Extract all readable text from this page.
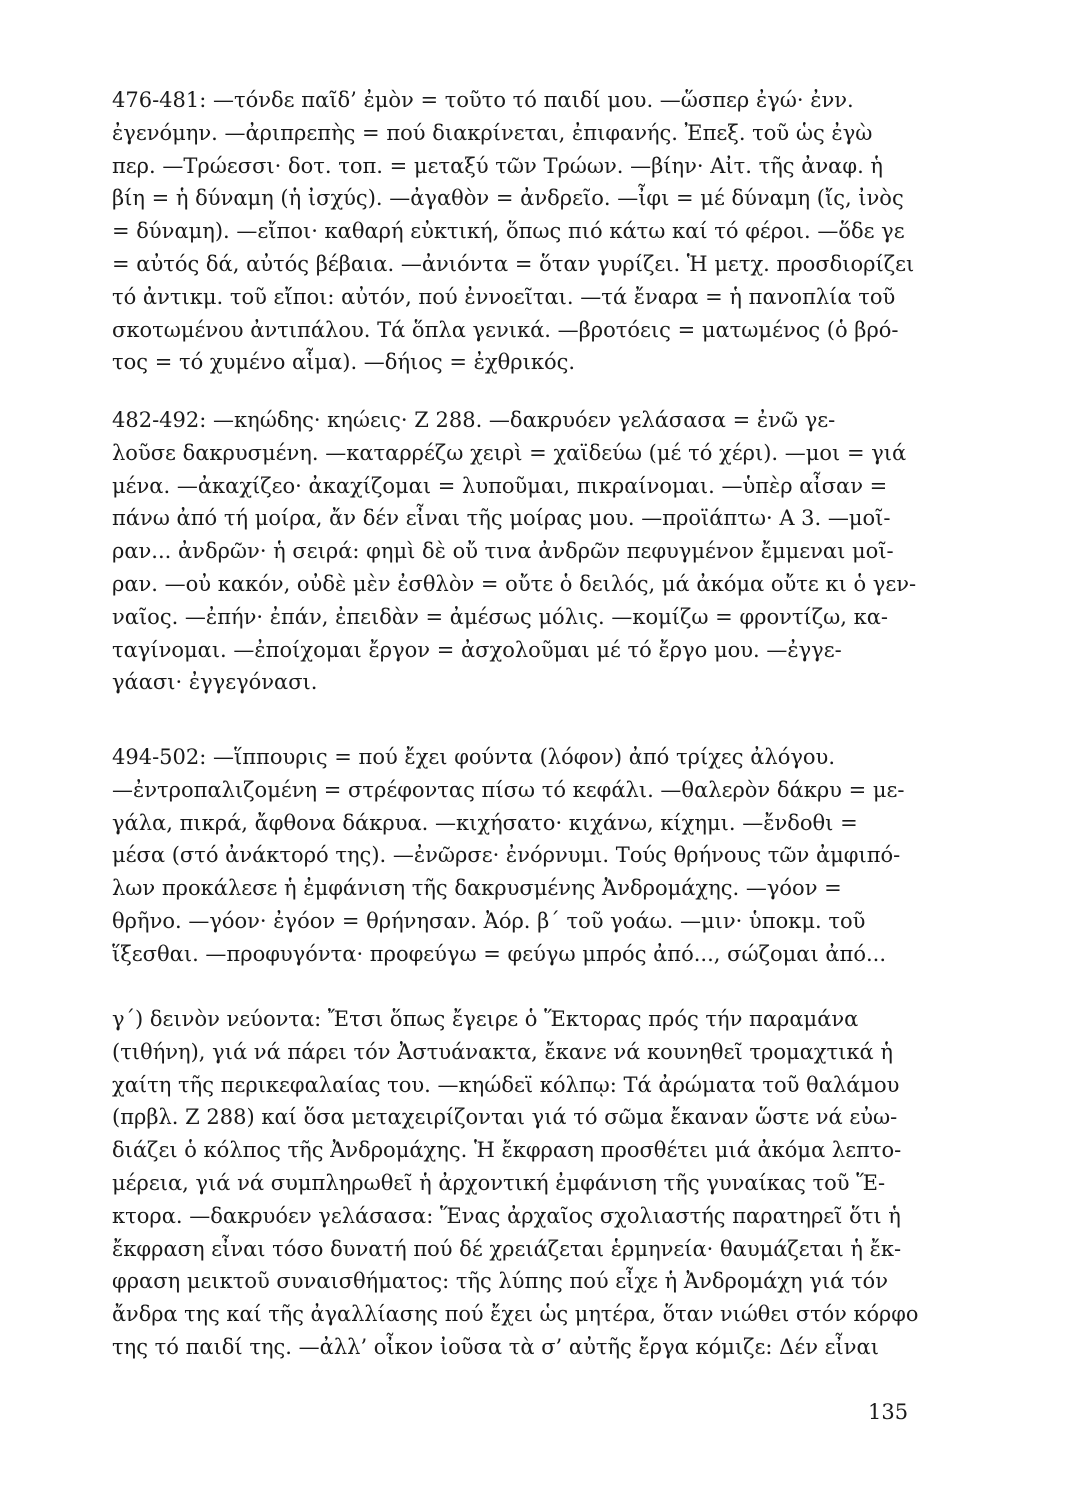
476-481: —τόνδε παῖδ’ ἐμὸν = τοῦτο τό παιδί μου. —ὥσπερ ἐγώ· ἐνν.
ἐγενόμην. —ἀριπρεπὴς = πού διακρίνεται, ἐπιφανής. Ἐπεξ. τοῦ ὡς ἐγὼ
περ. —Τρώεσσι· δοτ. τοπ. = μεταξύ τῶν Τρώων. —βίην· Αἰτ. τῆς ἀναφ. ἡ
βίη = ἡ δύναμη (ἡ ἰσχύς). —ἀγαθὸν = ἀνδρεῖο. —ἶφι = μέ δύναμη (ἴς, ἰνὸς
= δύναμη). —εἴποι· καθαρή εὐκτική, ὅπως πιό κάτω καί τό φέροι. —ὅδε γε
= αὐτός δά, αὐτός βέβαια. —ἀνιόντα = ὅταν γυρίζει. Ἡ μετχ. προσδιορίζει
τό ἀντικμ. τοῦ εἴποι: αὐτόν, πού ἐννοεῖται. —τά ἔναρα = ἡ πανοπλία τοῦ
σκοτωμένου ἀντιπάλου. Τά ὅπλα γενικά. —βροτόεις = ματωμένος (ὁ βρό-
τος = τό χυμένο αἷμα). —δήιος = ἐχθρικός.
482-492: —κηώδης· κηώεις· Ζ 288. —δακρυόεν γελάσασα = ἐνῶ γε-
λοῦσε δακρυσμένη. —καταρρέζω χειρὶ = χαϊδεύω (μέ τό χέρι). —μοι = γιά
μένα. —ἀκαχίζεο· ἀκαχίζομαι = λυποῦμαι, πικραίνομαι. —ὑπὲρ αἶσαν =
πάνω ἀπό τή μοίρα, ἄν δέν εἶναι τῆς μοίρας μου. —προϊάπτω· Α 3. —μοῖ-
ραν... ἀνδρῶν· ἡ σειρά: φημὶ δὲ οὔ τινα ἀνδρῶν πεφυγμένον ἔμμεναι μοῖ-
ραν. —οὐ κακόν, οὐδὲ μὲν ἐσθλὸν = οὔτε ὁ δειλός, μά ἀκόμα οὔτε κι ὁ γεν-
ναῖος. —ἐπήν· ἐπάν, ἐπειδὰν = ἀμέσως μόλις. —κομίζω = φροντίζω, κα-
ταγίνομαι. —ἐποίχομαι ἔργον = ἀσχολοῦμαι μέ τό ἔργο μου. —ἐγγε-
γάασι· ἐγγεγόνασι.
494-502: —ἵππουρις = πού ἔχει φούντα (λόφον) ἀπό τρίχες ἀλόγου.
—ἐντροπαλιζομένη = στρέφοντας πίσω τό κεφάλι. —θαλερὸν δάκρυ = με-
γάλα, πικρά, ἄφθονα δάκρυα. —κιχήσατο· κιχάνω, κίχημι. —ἔνδοθι =
μέσα (στό ἀνάκτορό της). —ἐνῶρσε· ἐνόρνυμι. Τούς θρήνους τῶν ἀμφιπό-
λων προκάλεσε ἡ ἐμφάνιση τῆς δακρυσμένης Ἀνδρομάχης. —γόον =
θρῆνο. —γόον· ἐγόον = θρήνησαν. Ἀόρ. β΄ τοῦ γοάω. —μιν· ὑποκμ. τοῦ
ἵξεσθαι. —προφυγόντα· προφεύγω = φεύγω μπρός ἀπό..., σώζομαι ἀπό...
γ΄) δεινὸν νεύοντα: Ἔτσι ὅπως ἔγειρε ὁ Ἕκτορας πρός τήν παραμάνα
(τιθήνη), γιά νά πάρει τόν Ἀστυάνακτα, ἔκανε νά κουνηθεῖ τρομαχτικά ἡ
χαίτη τῆς περικεφαλαίας του. —κηώδεϊ κόλπῳ: Τά ἀρώματα τοῦ θαλάμου
(πρβλ. Ζ 288) καί ὅσα μεταχειρίζονται γιά τό σῶμα ἔκαναν ὥστε νά εὐω-
διάζει ὁ κόλπος τῆς Ἀνδρομάχης. Ἡ ἔκφραση προσθέτει μιά ἀκόμα λεπτο-
μέρεια, γιά νά συμπληρωθεῖ ἡ ἀρχοντική ἐμφάνιση τῆς γυναίκας τοῦ Ἕ-
κτορα. —δακρυόεν γελάσασα: Ἕνας ἀρχαῖος σχολιαστής παρατηρεῖ ὅτι ἡ
ἔκφραση εἶναι τόσο δυνατή πού δέ χρειάζεται ἑρμηνεία· θαυμάζεται ἡ ἔκ-
φραση μεικτοῦ συναισθήματος: τῆς λύπης πού εἶχε ἡ Ἀνδρομάχη γιά τόν
ἄνδρα της καί τῆς ἀγαλλίασης πού ἔχει ὡς μητέρα, ὅταν νιώθει στόν κόρφο
της τό παιδί της. —ἀλλ’ οἶκον ἰοῦσα τὰ σ’ αὐτῆς ἔργα κόμιζε: Δέν εἶναι
135
